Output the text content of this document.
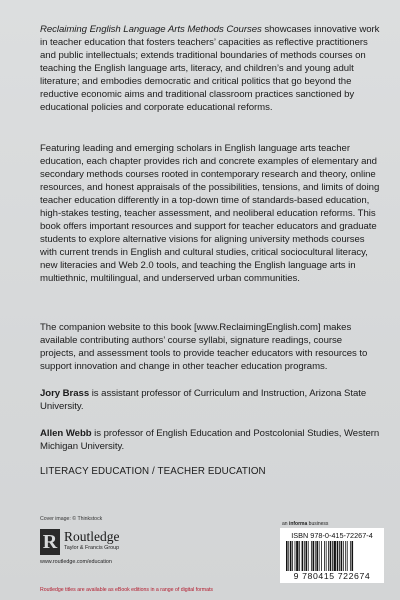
Reclaiming English Language Arts Methods Courses showcases innovative work in teacher education that fosters teachers’ capacities as reflective practitioners and public intellectuals; extends traditional boundaries of methods courses on teaching the English language arts, literacy, and children’s and young adult literature; and embodies democratic and critical politics that go beyond the reductive economic aims and traditional classroom practices sanctioned by educational policies and corporate educational reforms.
Featuring leading and emerging scholars in English language arts teacher education, each chapter provides rich and concrete examples of elementary and secondary methods courses rooted in contemporary research and theory, online resources, and honest appraisals of the possibilities, tensions, and limits of doing teacher education differently in a top-down time of standards-based education, high-stakes testing, teacher assessment, and neoliberal education reforms. This book offers important resources and support for teacher educators and graduate students to explore alternative visions for aligning university methods courses with current trends in English and cultural studies, critical sociocultural literacy, new literacies and Web 2.0 tools, and teaching the English language arts in multiethnic, multilingual, and underserved urban communities.
The companion website to this book [www.ReclaimingEnglish.com] makes available contributing authors’ course syllabi, signature readings, course projects, and assessment tools to provide teacher educators with resources to support innovation and change in other teacher education programs.
Jory Brass is assistant professor of Curriculum and Instruction, Arizona State University.
Allen Webb is professor of English Education and Postcolonial Studies, Western Michigan University.
LITERACY EDUCATION / TEACHER EDUCATION
Cover image: © Thinkstock
R Routledge
Taylor & Francis Group
www.routledge.com/education
an informa business
ISBN 978-0-415-72267-4
9 780415 722674
Routledge titles are available as eBook editions in a range of digital formats
